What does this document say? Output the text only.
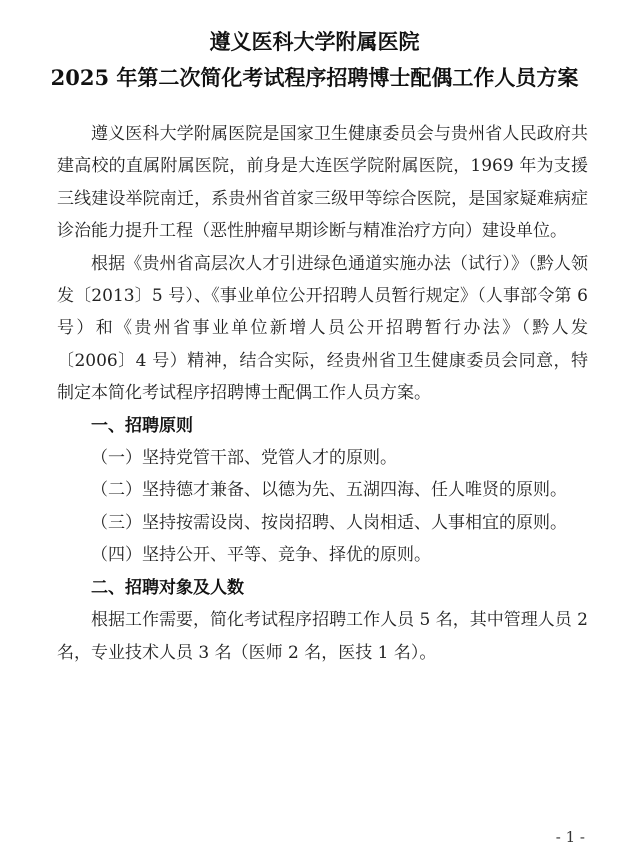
遵义医科大学附属医院
2025 年第二次简化考试程序招聘博士配偶工作人员方案

遵义医科大学附属医院是国家卫生健康委员会与贵州省人民政府共建高校的直属附属医院，前身是大连医学院附属医院，1969 年为支援三线建设举院南迁，系贵州省首家三级甲等综合医院，是国家疑难病症诊治能力提升工程（恶性肿瘤早期诊断与精准治疗方向）建设单位。

根据《贵州省高层次人才引进绿色通道实施办法（试行）》（黔人领发〔2013〕5 号）、《事业单位公开招聘人员暂行规定》（人事部令第 6 号）和《贵州省事业单位新增人员公开招聘暂行办法》（黔人发〔2006〕4 号）精神，结合实际，经贵州省卫生健康委员会同意，特制定本简化考试程序招聘博士配偶工作人员方案。

一、招聘原则

（一）坚持党管干部、党管人才的原则。

（二）坚持德才兼备、以德为先、五湖四海、任人唯贤的原则。

（三）坚持按需设岗、按岗招聘、人岗相适、人事相宜的原则。

（四）坚持公开、平等、竞争、择优的原则。

二、招聘对象及人数

根据工作需要，简化考试程序招聘工作人员 5 名，其中管理人员 2 名，专业技术人员 3 名（医师 2 名，医技 1 名）。

- 1 -
